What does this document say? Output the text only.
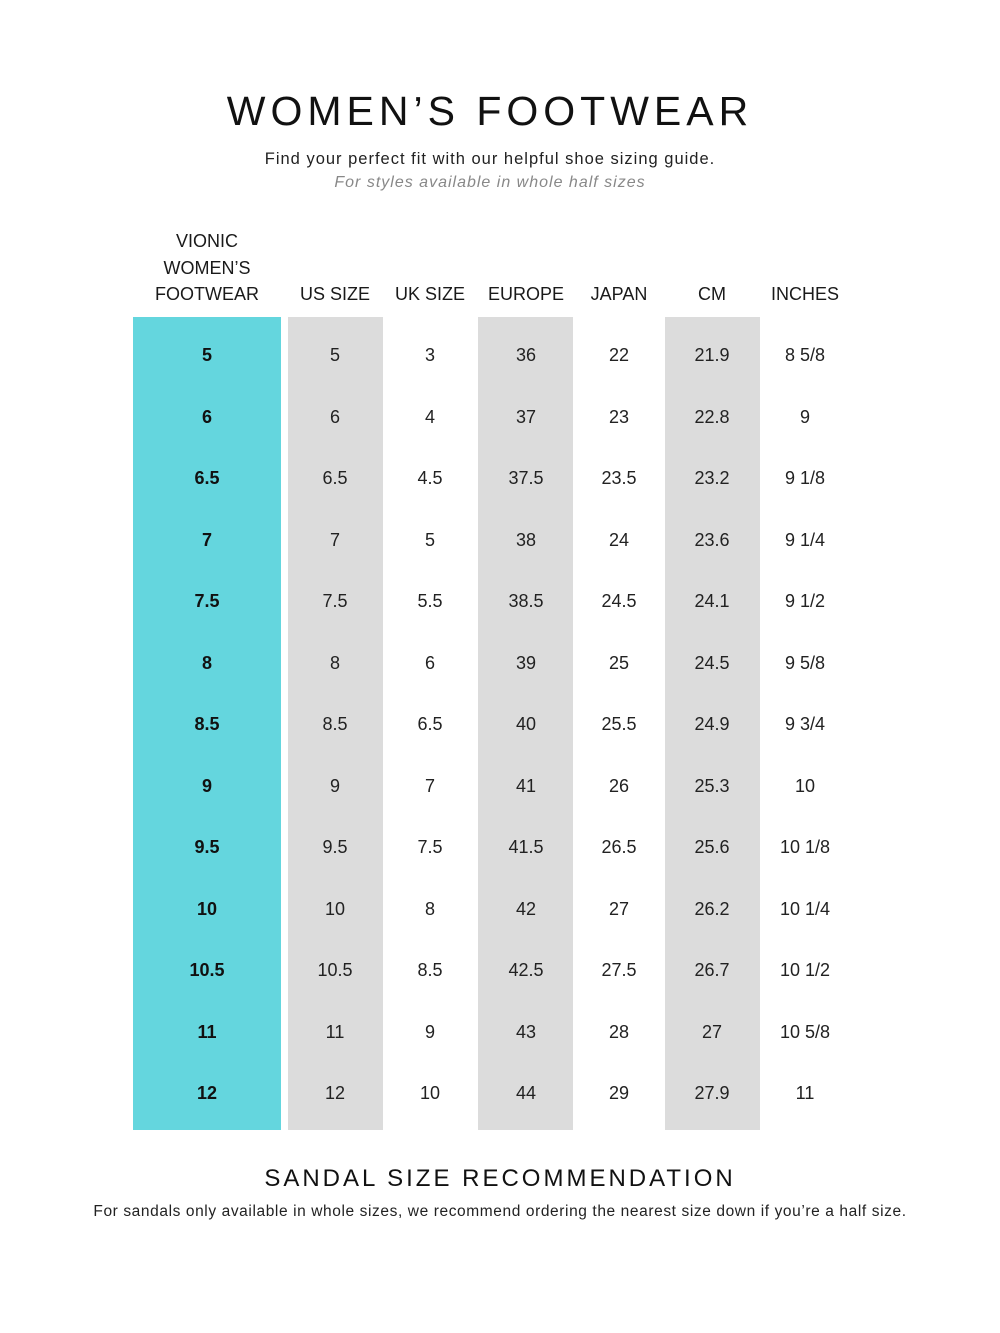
WOMEN’S FOOTWEAR
Find your perfect fit with our helpful shoe sizing guide.
For styles available in whole half sizes
VIONIC
WOMEN’S
FOOTWEAR	US SIZE	UK SIZE	EUROPE	JAPAN	CM	INCHES
5	5	3	36	22	21.9	8 5/8
6	6	4	37	23	22.8	9
6.5	6.5	4.5	37.5	23.5	23.2	9 1/8
7	7	5	38	24	23.6	9 1/4
7.5	7.5	5.5	38.5	24.5	24.1	9 1/2
8	8	6	39	25	24.5	9 5/8
8.5	8.5	6.5	40	25.5	24.9	9 3/4
9	9	7	41	26	25.3	10
9.5	9.5	7.5	41.5	26.5	25.6	10 1/8
10	10	8	42	27	26.2	10 1/4
10.5	10.5	8.5	42.5	27.5	26.7	10 1/2
11	11	9	43	28	27	10 5/8
12	12	10	44	29	27.9	11
SANDAL SIZE RECOMMENDATION
For sandals only available in whole sizes, we recommend ordering the nearest size down if you’re a half size.
